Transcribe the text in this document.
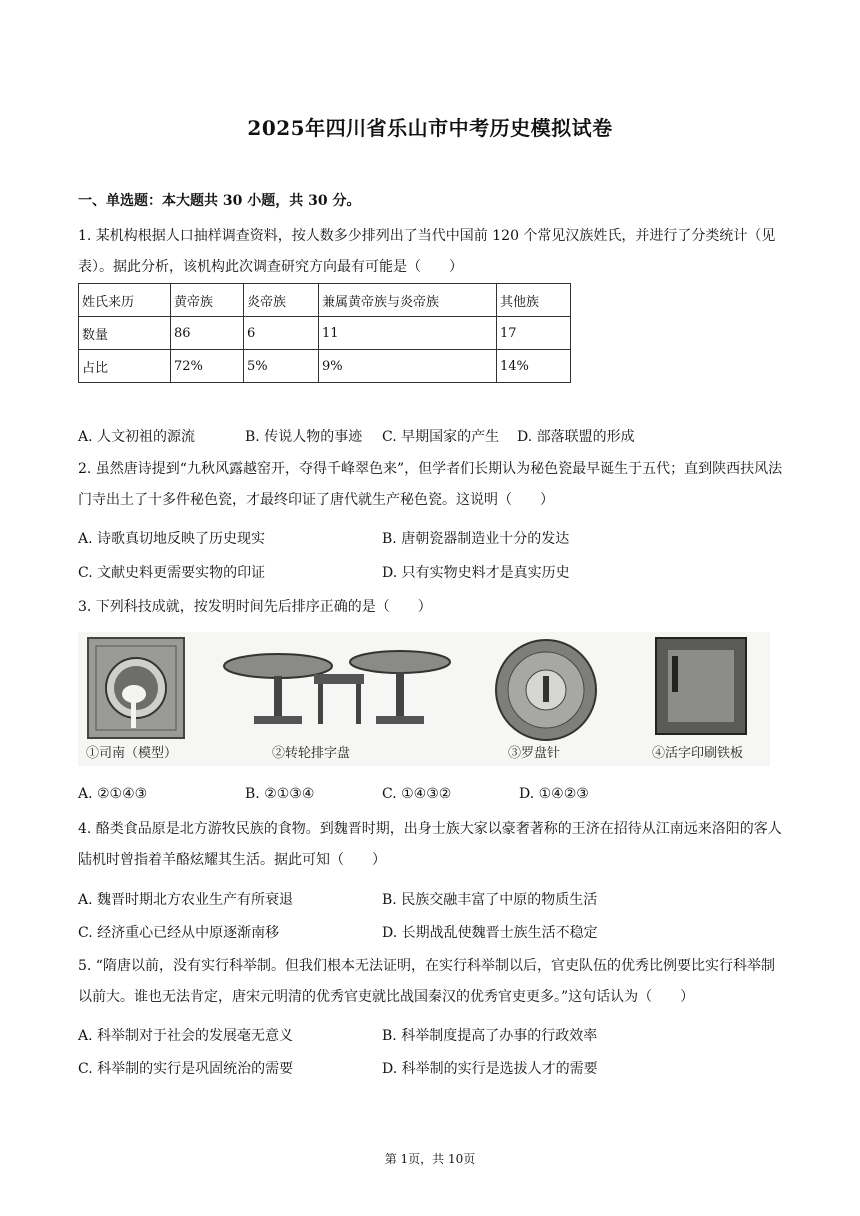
2025年四川省乐山市中考历史模拟试卷
一、单选题：本大题共 30 小题，共 30 分。
1. 某机构根据人口抽样调查资料，按人数多少排列出了当代中国前 120 个常见汉族姓氏，并进行了分类统计（见表）。据此分析，该机构此次调查研究方向最有可能是（　　）
姓氏来历	黄帝族	炎帝族	兼属黄帝族与炎帝族	其他族
数量	86	6	11	17
占比	72%	5%	9%	14%
A. 人文初祖的源流	B. 传说人物的事迹 C. 早期国家的产生 D. 部落联盟的形成
2. 虽然唐诗提到“九秋风露越窑开，夺得千峰翠色来”，但学者们长期认为秘色瓷最早诞生于五代；直到陕西扶风法门寺出土了十多件秘色瓷，才最终印证了唐代就生产秘色瓷。这说明（　　）
A. 诗歌真切地反映了历史现实	B. 唐朝瓷器制造业十分的发达
C. 文献史料更需要实物的印证	D. 只有实物史料才是真实历史
3. 下列科技成就，按发明时间先后排序正确的是（　　）
①司南（模型）	②转轮排字盘	③罗盘针	④活字印刷铁板
A. ②①④③	B. ②①③④	C. ①④③②	D. ①④②③
4. 酪类食品原是北方游牧民族的食物。到魏晋时期，出身士族大家以豪奢著称的王济在招待从江南远来洛阳的客人陆机时曾指着羊酪炫耀其生活。据此可知（　　）
A. 魏晋时期北方农业生产有所衰退	B. 民族交融丰富了中原的物质生活
C. 经济重心已经从中原逐渐南移	D. 长期战乱使魏晋士族生活不稳定
5. “隋唐以前，没有实行科举制。但我们根本无法证明，在实行科举制以后，官吏队伍的优秀比例要比实行科举制以前大。谁也无法肯定，唐宋元明清的优秀官吏就比战国秦汉的优秀官吏更多。”这句话认为（　　）
A. 科举制对于社会的发展毫无意义	B. 科举制度提高了办事的行政效率
C. 科举制的实行是巩固统治的需要	D. 科举制的实行是选拔人才的需要
第 1页，共 10页
